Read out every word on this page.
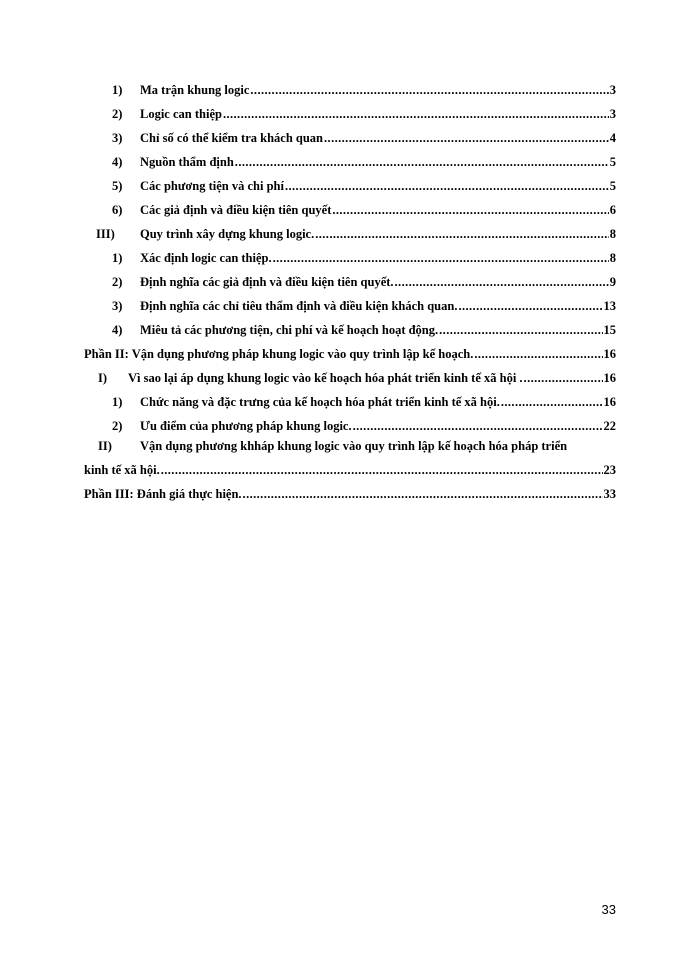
1)	Ma trận khung logic .....	3
2)	Logic can thiệp .....	3
3)	Chỉ số có thể kiểm tra khách quan .....	4
4)	Nguồn thẩm định .....	5
5)	Các phương tiện và chi phí .....	5
6)	Các giả định và điều kiện tiên quyết .....	6
III)	Quy trình xây dựng khung logic. .....	8
1)	Xác định logic can thiệp. .....	8
2)	Định nghĩa các giả định và điều kiện tiên quyết. .....	9
3)	Định nghĩa các chỉ tiêu thẩm định và điều kiện khách quan. .....	13
4)	Miêu tả các phương tiện, chi phí và kế hoạch hoạt động. .....	15
Phần II: Vận dụng phương pháp khung logic vào quy trình lập kế hoạch. .....	16
I)	Vì sao lại áp dụng khung logic vào kế hoạch hóa phát triển kinh tế xã hội . .....	16
1)	Chức năng và đặc trưng của kế hoạch hóa phát triển kinh tế xã hội. .....	16
2)	Ưu điểm của phương pháp khung logic. .....	22
II)	Vận dụng phương khháp khung logic vào quy trình lập kế hoạch hóa pháp triển
kinh tế xã hội. .....	23
Phần III: Đánh giá thực hiện. .....	33
33
